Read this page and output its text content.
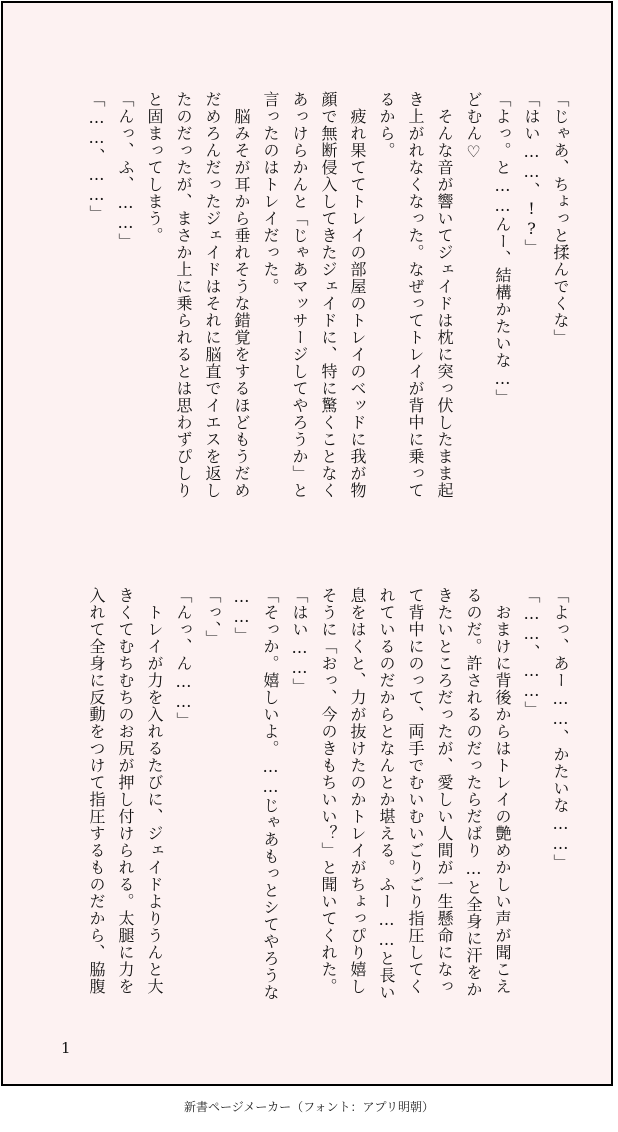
「じゃあ、ちょっと揉んでくな」
「はい……、!?」
「よっ。と……んー、結構かたいな…」
どむん♡
　そんな音が響いてジェイドは枕に突っ伏したまま起
き上がれなくなった。なぜってトレイが背中に乗って
るから。
　疲れ果ててトレイの部屋のトレイのベッドに我が物
顔で無断侵入してきたジェイドに、特に驚くことなく
あっけらかんと「じゃあマッサージしてやろうか」と
言ったのはトレイだった。
　脳みそが耳から垂れそうな錯覚をするほどもうだめ
だめろんだったジェイドはそれに脳直でイエスを返し
たのだったが、まさか上に乗られるとは思わずぴしり
と固まってしまう。
「んっ、ふ、……」
「……、……」
「よっ、あー……、かたいな……」
「……、……」
　おまけに背後からはトレイの艶めかしい声が聞こえ
るのだ。許されるのだったらだばり…と全身に汗をか
きたいところだったが、愛しい人間が一生懸命になっ
て背中にのって、両手でむいむいごりごり指圧してく
れているのだからとなんとか堪える。ふー……と長い
息をはくと、力が抜けたのかトレイがちょっぴり嬉し
そうに「おっ、今のきもちいい？」と聞いてくれた。
「はい……」
「そっか。嬉しいよ。……じゃあもっとシてやろうな
……」
「っ、」
「んっ、ん……」
　トレイが力を入れるたびに、ジェイドよりうんと大
きくてむちむちのお尻が押し付けられる。太腿に力を
入れて全身に反動をつけて指圧するものだから、脇腹
1
新書ページメーカー（フォント：アプリ明朝）
